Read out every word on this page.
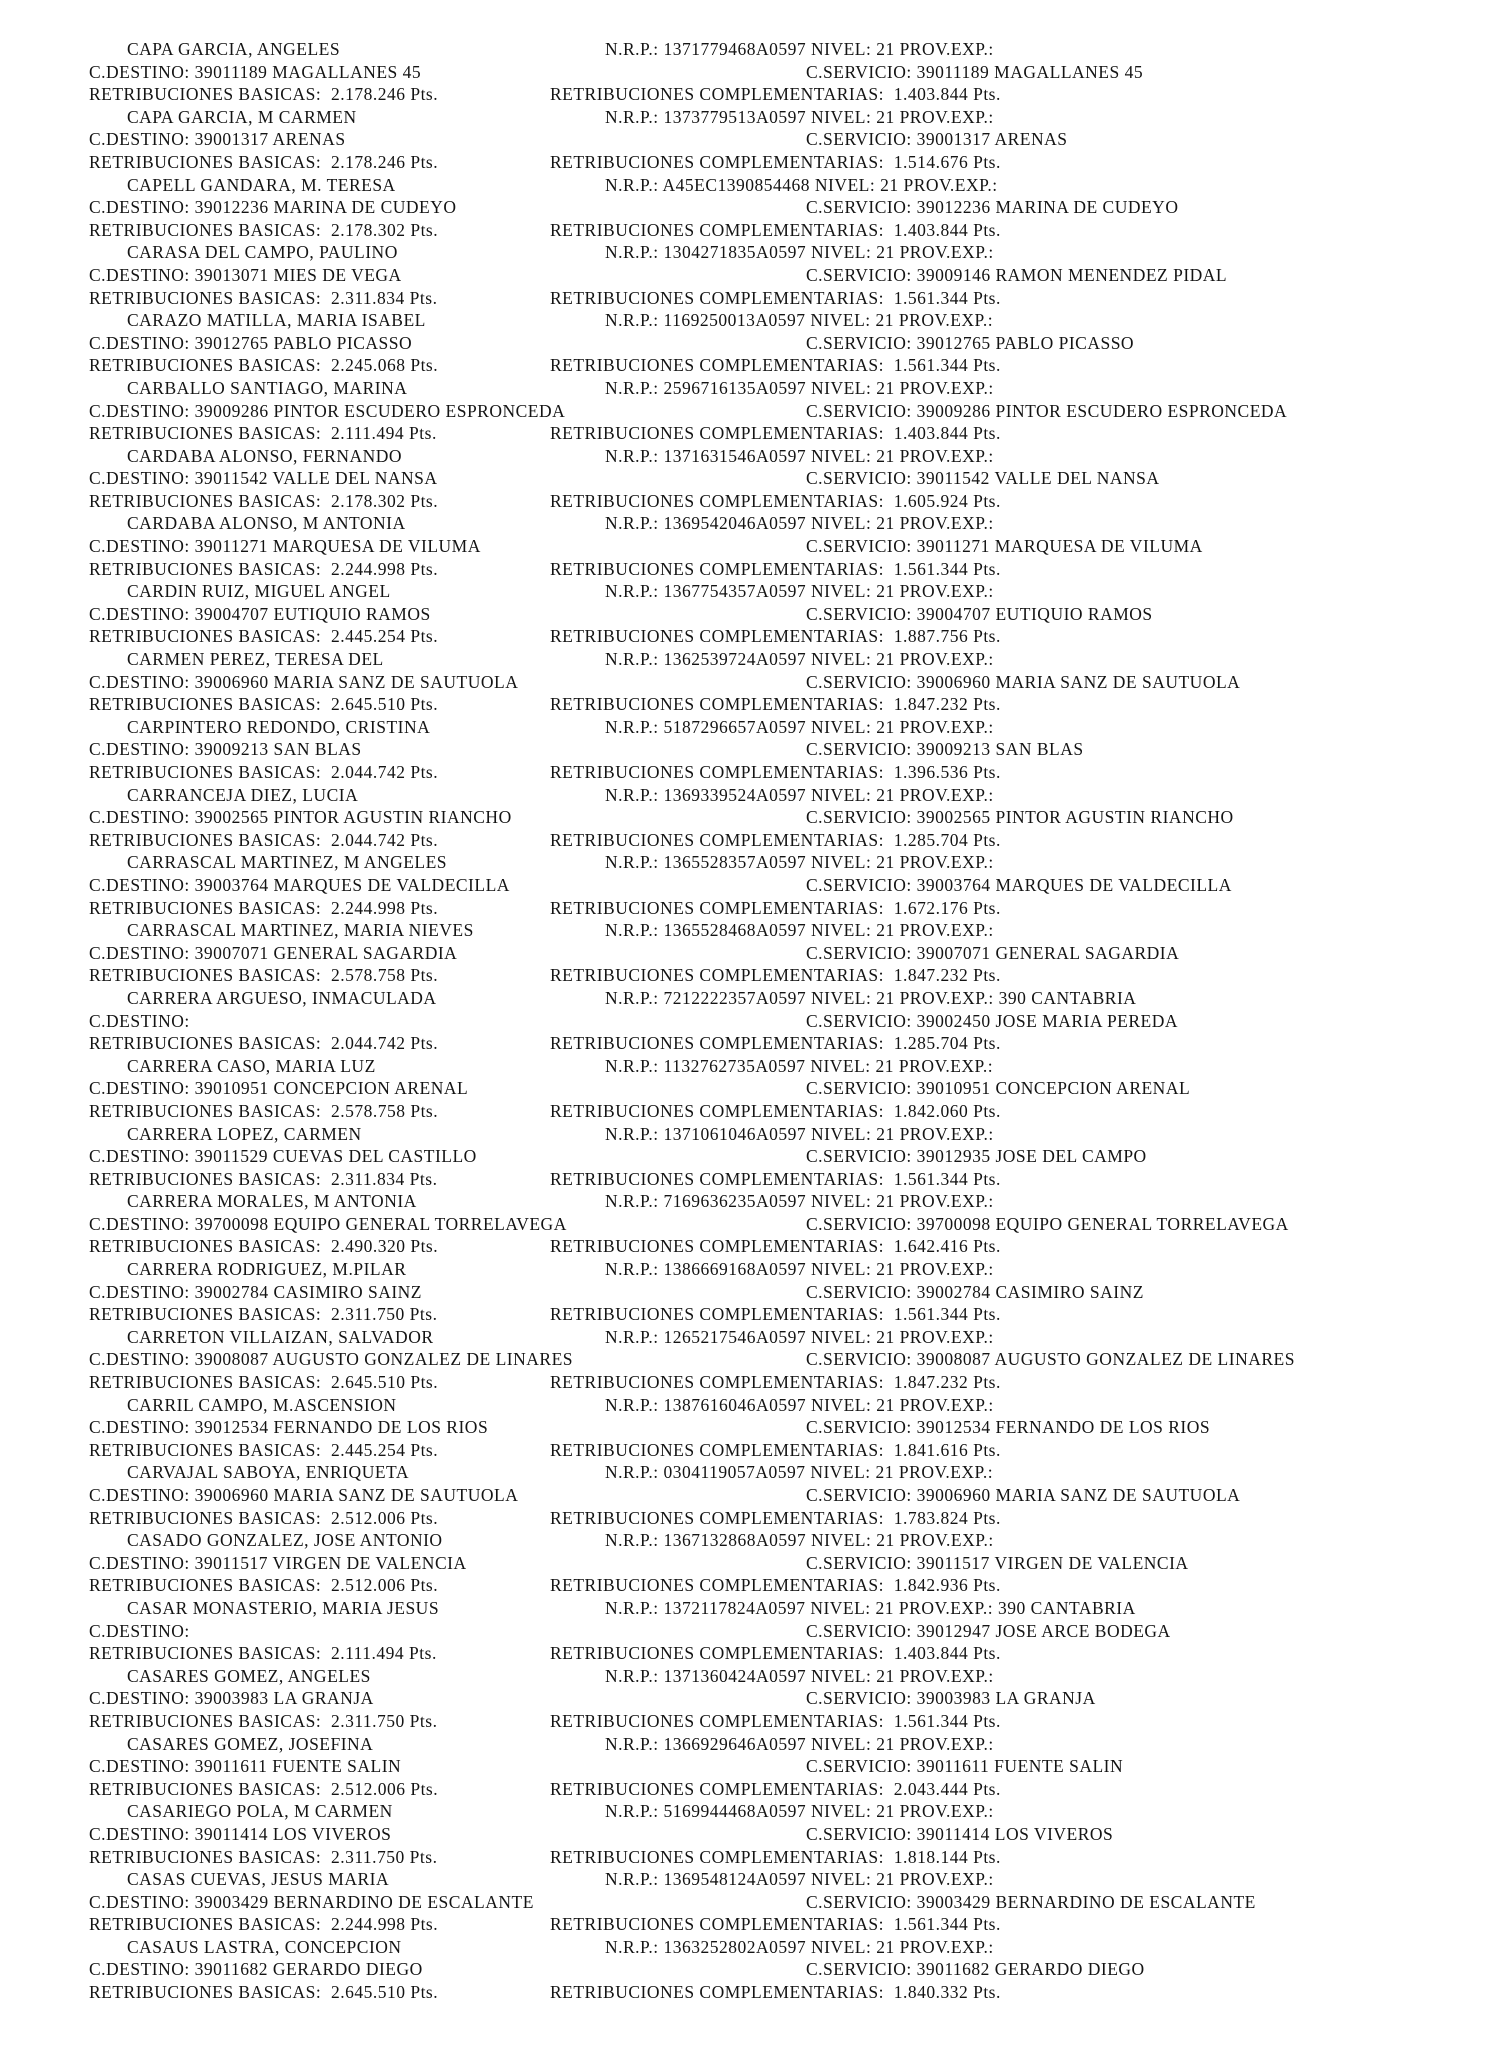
CAPA GARCIA, ANGELES

	N.R.P.: 1371779468A0597 NIVEL: 21 PROV.EXP.:

C.DESTINO: 39011189 MAGALLANES 45

	C.SERVICIO: 39011189 MAGALLANES 45

RETRIBUCIONES BASICAS:  2.178.246 Pts.

	RETRIBUCIONES COMPLEMENTARIAS:  1.403.844 Pts.

CAPA GARCIA, M CARMEN

	N.R.P.: 1373779513A0597 NIVEL: 21 PROV.EXP.:

C.DESTINO: 39001317 ARENAS

	C.SERVICIO: 39001317 ARENAS

RETRIBUCIONES BASICAS:  2.178.246 Pts.

	RETRIBUCIONES COMPLEMENTARIAS:  1.514.676 Pts.

CAPELL GANDARA, M. TERESA

	N.R.P.: A45EC1390854468 NIVEL: 21 PROV.EXP.:

C.DESTINO: 39012236 MARINA DE CUDEYO

	C.SERVICIO: 39012236 MARINA DE CUDEYO

RETRIBUCIONES BASICAS:  2.178.302 Pts.

	RETRIBUCIONES COMPLEMENTARIAS:  1.403.844 Pts.

CARASA DEL CAMPO, PAULINO

	N.R.P.: 1304271835A0597 NIVEL: 21 PROV.EXP.:

C.DESTINO: 39013071 MIES DE VEGA

	C.SERVICIO: 39009146 RAMON MENENDEZ PIDAL

RETRIBUCIONES BASICAS:  2.311.834 Pts.

	RETRIBUCIONES COMPLEMENTARIAS:  1.561.344 Pts.

CARAZO MATILLA, MARIA ISABEL

	N.R.P.: 1169250013A0597 NIVEL: 21 PROV.EXP.:

C.DESTINO: 39012765 PABLO PICASSO

	C.SERVICIO: 39012765 PABLO PICASSO

RETRIBUCIONES BASICAS:  2.245.068 Pts.

	RETRIBUCIONES COMPLEMENTARIAS:  1.561.344 Pts.

CARBALLO SANTIAGO, MARINA

	N.R.P.: 2596716135A0597 NIVEL: 21 PROV.EXP.:

C.DESTINO: 39009286 PINTOR ESCUDERO ESPRONCEDA

	C.SERVICIO: 39009286 PINTOR ESCUDERO ESPRONCEDA

RETRIBUCIONES BASICAS:  2.111.494 Pts.

	RETRIBUCIONES COMPLEMENTARIAS:  1.403.844 Pts.

CARDABA ALONSO, FERNANDO

	N.R.P.: 1371631546A0597 NIVEL: 21 PROV.EXP.:

C.DESTINO: 39011542 VALLE DEL NANSA

	C.SERVICIO: 39011542 VALLE DEL NANSA

RETRIBUCIONES BASICAS:  2.178.302 Pts.

	RETRIBUCIONES COMPLEMENTARIAS:  1.605.924 Pts.

CARDABA ALONSO, M ANTONIA

	N.R.P.: 1369542046A0597 NIVEL: 21 PROV.EXP.:

C.DESTINO: 39011271 MARQUESA DE VILUMA

	C.SERVICIO: 39011271 MARQUESA DE VILUMA

RETRIBUCIONES BASICAS:  2.244.998 Pts.

	RETRIBUCIONES COMPLEMENTARIAS:  1.561.344 Pts.

CARDIN RUIZ, MIGUEL ANGEL

	N.R.P.: 1367754357A0597 NIVEL: 21 PROV.EXP.:

C.DESTINO: 39004707 EUTIQUIO RAMOS

	C.SERVICIO: 39004707 EUTIQUIO RAMOS

RETRIBUCIONES BASICAS:  2.445.254 Pts.

	RETRIBUCIONES COMPLEMENTARIAS:  1.887.756 Pts.

CARMEN PEREZ, TERESA DEL

	N.R.P.: 1362539724A0597 NIVEL: 21 PROV.EXP.:

C.DESTINO: 39006960 MARIA SANZ DE SAUTUOLA

	C.SERVICIO: 39006960 MARIA SANZ DE SAUTUOLA

RETRIBUCIONES BASICAS:  2.645.510 Pts.

	RETRIBUCIONES COMPLEMENTARIAS:  1.847.232 Pts.

CARPINTERO REDONDO, CRISTINA

	N.R.P.: 5187296657A0597 NIVEL: 21 PROV.EXP.:

C.DESTINO: 39009213 SAN BLAS

	C.SERVICIO: 39009213 SAN BLAS

RETRIBUCIONES BASICAS:  2.044.742 Pts.

	RETRIBUCIONES COMPLEMENTARIAS:  1.396.536 Pts.

CARRANCEJA DIEZ, LUCIA

	N.R.P.: 1369339524A0597 NIVEL: 21 PROV.EXP.:

C.DESTINO: 39002565 PINTOR AGUSTIN RIANCHO

	C.SERVICIO: 39002565 PINTOR AGUSTIN RIANCHO

RETRIBUCIONES BASICAS:  2.044.742 Pts.

	RETRIBUCIONES COMPLEMENTARIAS:  1.285.704 Pts.

CARRASCAL MARTINEZ, M ANGELES

	N.R.P.: 1365528357A0597 NIVEL: 21 PROV.EXP.:

C.DESTINO: 39003764 MARQUES DE VALDECILLA

	C.SERVICIO: 39003764 MARQUES DE VALDECILLA

RETRIBUCIONES BASICAS:  2.244.998 Pts.

	RETRIBUCIONES COMPLEMENTARIAS:  1.672.176 Pts.

CARRASCAL MARTINEZ, MARIA NIEVES

	N.R.P.: 1365528468A0597 NIVEL: 21 PROV.EXP.:

C.DESTINO: 39007071 GENERAL SAGARDIA

	C.SERVICIO: 39007071 GENERAL SAGARDIA

RETRIBUCIONES BASICAS:  2.578.758 Pts.

	RETRIBUCIONES COMPLEMENTARIAS:  1.847.232 Pts.

CARRERA ARGUESO, INMACULADA

	N.R.P.: 7212222357A0597 NIVEL: 21 PROV.EXP.: 390 CANTABRIA

C.DESTINO:

	C.SERVICIO: 39002450 JOSE MARIA PEREDA

RETRIBUCIONES BASICAS:  2.044.742 Pts.

	RETRIBUCIONES COMPLEMENTARIAS:  1.285.704 Pts.

CARRERA CASO, MARIA LUZ

	N.R.P.: 1132762735A0597 NIVEL: 21 PROV.EXP.:

C.DESTINO: 39010951 CONCEPCION ARENAL

	C.SERVICIO: 39010951 CONCEPCION ARENAL

RETRIBUCIONES BASICAS:  2.578.758 Pts.

	RETRIBUCIONES COMPLEMENTARIAS:  1.842.060 Pts.

CARRERA LOPEZ, CARMEN

	N.R.P.: 1371061046A0597 NIVEL: 21 PROV.EXP.:

C.DESTINO: 39011529 CUEVAS DEL CASTILLO

	C.SERVICIO: 39012935 JOSE DEL CAMPO

RETRIBUCIONES BASICAS:  2.311.834 Pts.

	RETRIBUCIONES COMPLEMENTARIAS:  1.561.344 Pts.

CARRERA MORALES, M ANTONIA

	N.R.P.: 7169636235A0597 NIVEL: 21 PROV.EXP.:

C.DESTINO: 39700098 EQUIPO GENERAL TORRELAVEGA

	C.SERVICIO: 39700098 EQUIPO GENERAL TORRELAVEGA

RETRIBUCIONES BASICAS:  2.490.320 Pts.

	RETRIBUCIONES COMPLEMENTARIAS:  1.642.416 Pts.

CARRERA RODRIGUEZ, M.PILAR

	N.R.P.: 1386669168A0597 NIVEL: 21 PROV.EXP.:

C.DESTINO: 39002784 CASIMIRO SAINZ

	C.SERVICIO: 39002784 CASIMIRO SAINZ

RETRIBUCIONES BASICAS:  2.311.750 Pts.

	RETRIBUCIONES COMPLEMENTARIAS:  1.561.344 Pts.

CARRETON VILLAIZAN, SALVADOR

	N.R.P.: 1265217546A0597 NIVEL: 21 PROV.EXP.:

C.DESTINO: 39008087 AUGUSTO GONZALEZ DE LINARES

	C.SERVICIO: 39008087 AUGUSTO GONZALEZ DE LINARES

RETRIBUCIONES BASICAS:  2.645.510 Pts.

	RETRIBUCIONES COMPLEMENTARIAS:  1.847.232 Pts.

CARRIL CAMPO, M.ASCENSION

	N.R.P.: 1387616046A0597 NIVEL: 21 PROV.EXP.:

C.DESTINO: 39012534 FERNANDO DE LOS RIOS

	C.SERVICIO: 39012534 FERNANDO DE LOS RIOS

RETRIBUCIONES BASICAS:  2.445.254 Pts.

	RETRIBUCIONES COMPLEMENTARIAS:  1.841.616 Pts.

CARVAJAL SABOYA, ENRIQUETA

	N.R.P.: 0304119057A0597 NIVEL: 21 PROV.EXP.:

C.DESTINO: 39006960 MARIA SANZ DE SAUTUOLA

	C.SERVICIO: 39006960 MARIA SANZ DE SAUTUOLA

RETRIBUCIONES BASICAS:  2.512.006 Pts.

	RETRIBUCIONES COMPLEMENTARIAS:  1.783.824 Pts.

CASADO GONZALEZ, JOSE ANTONIO

	N.R.P.: 1367132868A0597 NIVEL: 21 PROV.EXP.:

C.DESTINO: 39011517 VIRGEN DE VALENCIA

	C.SERVICIO: 39011517 VIRGEN DE VALENCIA

RETRIBUCIONES BASICAS:  2.512.006 Pts.

	RETRIBUCIONES COMPLEMENTARIAS:  1.842.936 Pts.

CASAR MONASTERIO, MARIA JESUS

	N.R.P.: 1372117824A0597 NIVEL: 21 PROV.EXP.: 390 CANTABRIA

C.DESTINO:

	C.SERVICIO: 39012947 JOSE ARCE BODEGA

RETRIBUCIONES BASICAS:  2.111.494 Pts.

	RETRIBUCIONES COMPLEMENTARIAS:  1.403.844 Pts.

CASARES GOMEZ, ANGELES

	N.R.P.: 1371360424A0597 NIVEL: 21 PROV.EXP.:

C.DESTINO: 39003983 LA GRANJA

	C.SERVICIO: 39003983 LA GRANJA

RETRIBUCIONES BASICAS:  2.311.750 Pts.

	RETRIBUCIONES COMPLEMENTARIAS:  1.561.344 Pts.

CASARES GOMEZ, JOSEFINA

	N.R.P.: 1366929646A0597 NIVEL: 21 PROV.EXP.:

C.DESTINO: 39011611 FUENTE SALIN

	C.SERVICIO: 39011611 FUENTE SALIN

RETRIBUCIONES BASICAS:  2.512.006 Pts.

	RETRIBUCIONES COMPLEMENTARIAS:  2.043.444 Pts.

CASARIEGO POLA, M CARMEN

	N.R.P.: 5169944468A0597 NIVEL: 21 PROV.EXP.:

C.DESTINO: 39011414 LOS VIVEROS

	C.SERVICIO: 39011414 LOS VIVEROS

RETRIBUCIONES BASICAS:  2.311.750 Pts.

	RETRIBUCIONES COMPLEMENTARIAS:  1.818.144 Pts.

CASAS CUEVAS, JESUS MARIA

	N.R.P.: 1369548124A0597 NIVEL: 21 PROV.EXP.:

C.DESTINO: 39003429 BERNARDINO DE ESCALANTE

	C.SERVICIO: 39003429 BERNARDINO DE ESCALANTE

RETRIBUCIONES BASICAS:  2.244.998 Pts.

	RETRIBUCIONES COMPLEMENTARIAS:  1.561.344 Pts.

CASAUS LASTRA, CONCEPCION

	N.R.P.: 1363252802A0597 NIVEL: 21 PROV.EXP.:

C.DESTINO: 39011682 GERARDO DIEGO

	C.SERVICIO: 39011682 GERARDO DIEGO

RETRIBUCIONES BASICAS:  2.645.510 Pts.

	RETRIBUCIONES COMPLEMENTARIAS:  1.840.332 Pts.
